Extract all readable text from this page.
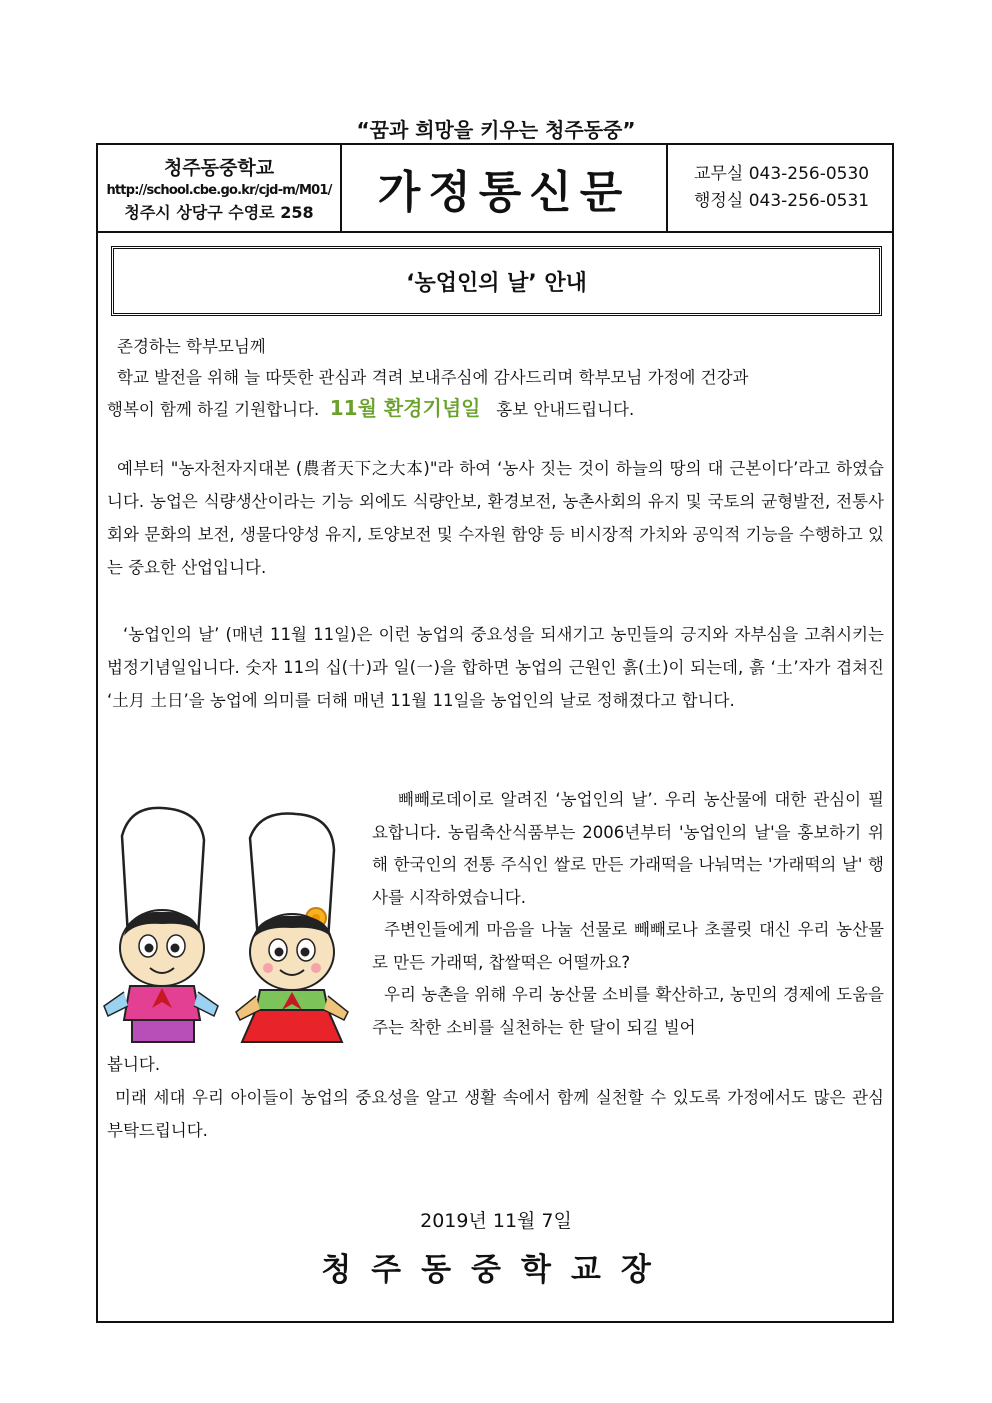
“꿈과 희망을 키우는 청주동중”
청주동중학교
http://school.cbe.go.kr/cjd-m/M01/
청주시 상당구 수영로 258	가정통신문	교무실 043-256-0530
행정실 043-256-0531
‘농업인의 날’ 안내

존경하는 학부모님께

학교 발전을 위해 늘 따뜻한 관심과 격려 보내주심에 감사드리며 학부모님 가정에 건강과

행복이 함께 하길 기원합니다. 11월 환경기념일 홍보 안내드립니다.

예부터 "농자천자지대본 (農者天下之大本)"라 하여 ‘농사 짓는 것이 하늘의 땅의 대 근본이다’라고 하였습니다. 농업은 식량생산이라는 기능 외에도 식량안보, 환경보전, 농촌사회의 유지 및 국토의 균형발전, 전통사회와 문화의 보전, 생물다양성 유지, 토양보전 및 수자원 함양 등 비시장적 가치와 공익적 기능을 수행하고 있는 중요한 산업입니다.

‘농업인의 날’ (매년 11월 11일)은 이런 농업의 중요성을 되새기고 농민들의 긍지와 자부심을 고취시키는 법정기념일입니다. 숫자 11의 십(十)과 일(一)을 합하면 농업의 근원인 흙(土)이 되는데, 흙 ‘土’자가 겹쳐진 ‘土月 土日’을 농업에 의미를 더해 매년 11월 11일을 농업인의 날로 정해졌다고 합니다.

빼빼로데이로 알려진 ‘농업인의 날’. 우리 농산물에 대한 관심이 필요합니다. 농림축산식품부는 2006년부터 '농업인의 날'을 홍보하기 위해 한국인의 전통 주식인 쌀로 만든 가래떡을 나눠먹는 '가래떡의 날' 행사를 시작하였습니다.

주변인들에게 마음을 나눌 선물로 빼빼로나 초콜릿 대신 우리 농산물로 만든 가래떡, 찹쌀떡은 어떨까요?

우리 농촌을 위해 우리 농산물 소비를 확산하고, 농민의 경제에 도움을 주는 착한 소비를 실천하는 한 달이 되길 빌어

봅니다.

미래 세대 우리 아이들이 농업의 중요성을 알고 생활 속에서 함께 실천할 수 있도록 가정에서도 많은 관심 부탁드립니다.

2019년 11월 7일
청주동중학교장
